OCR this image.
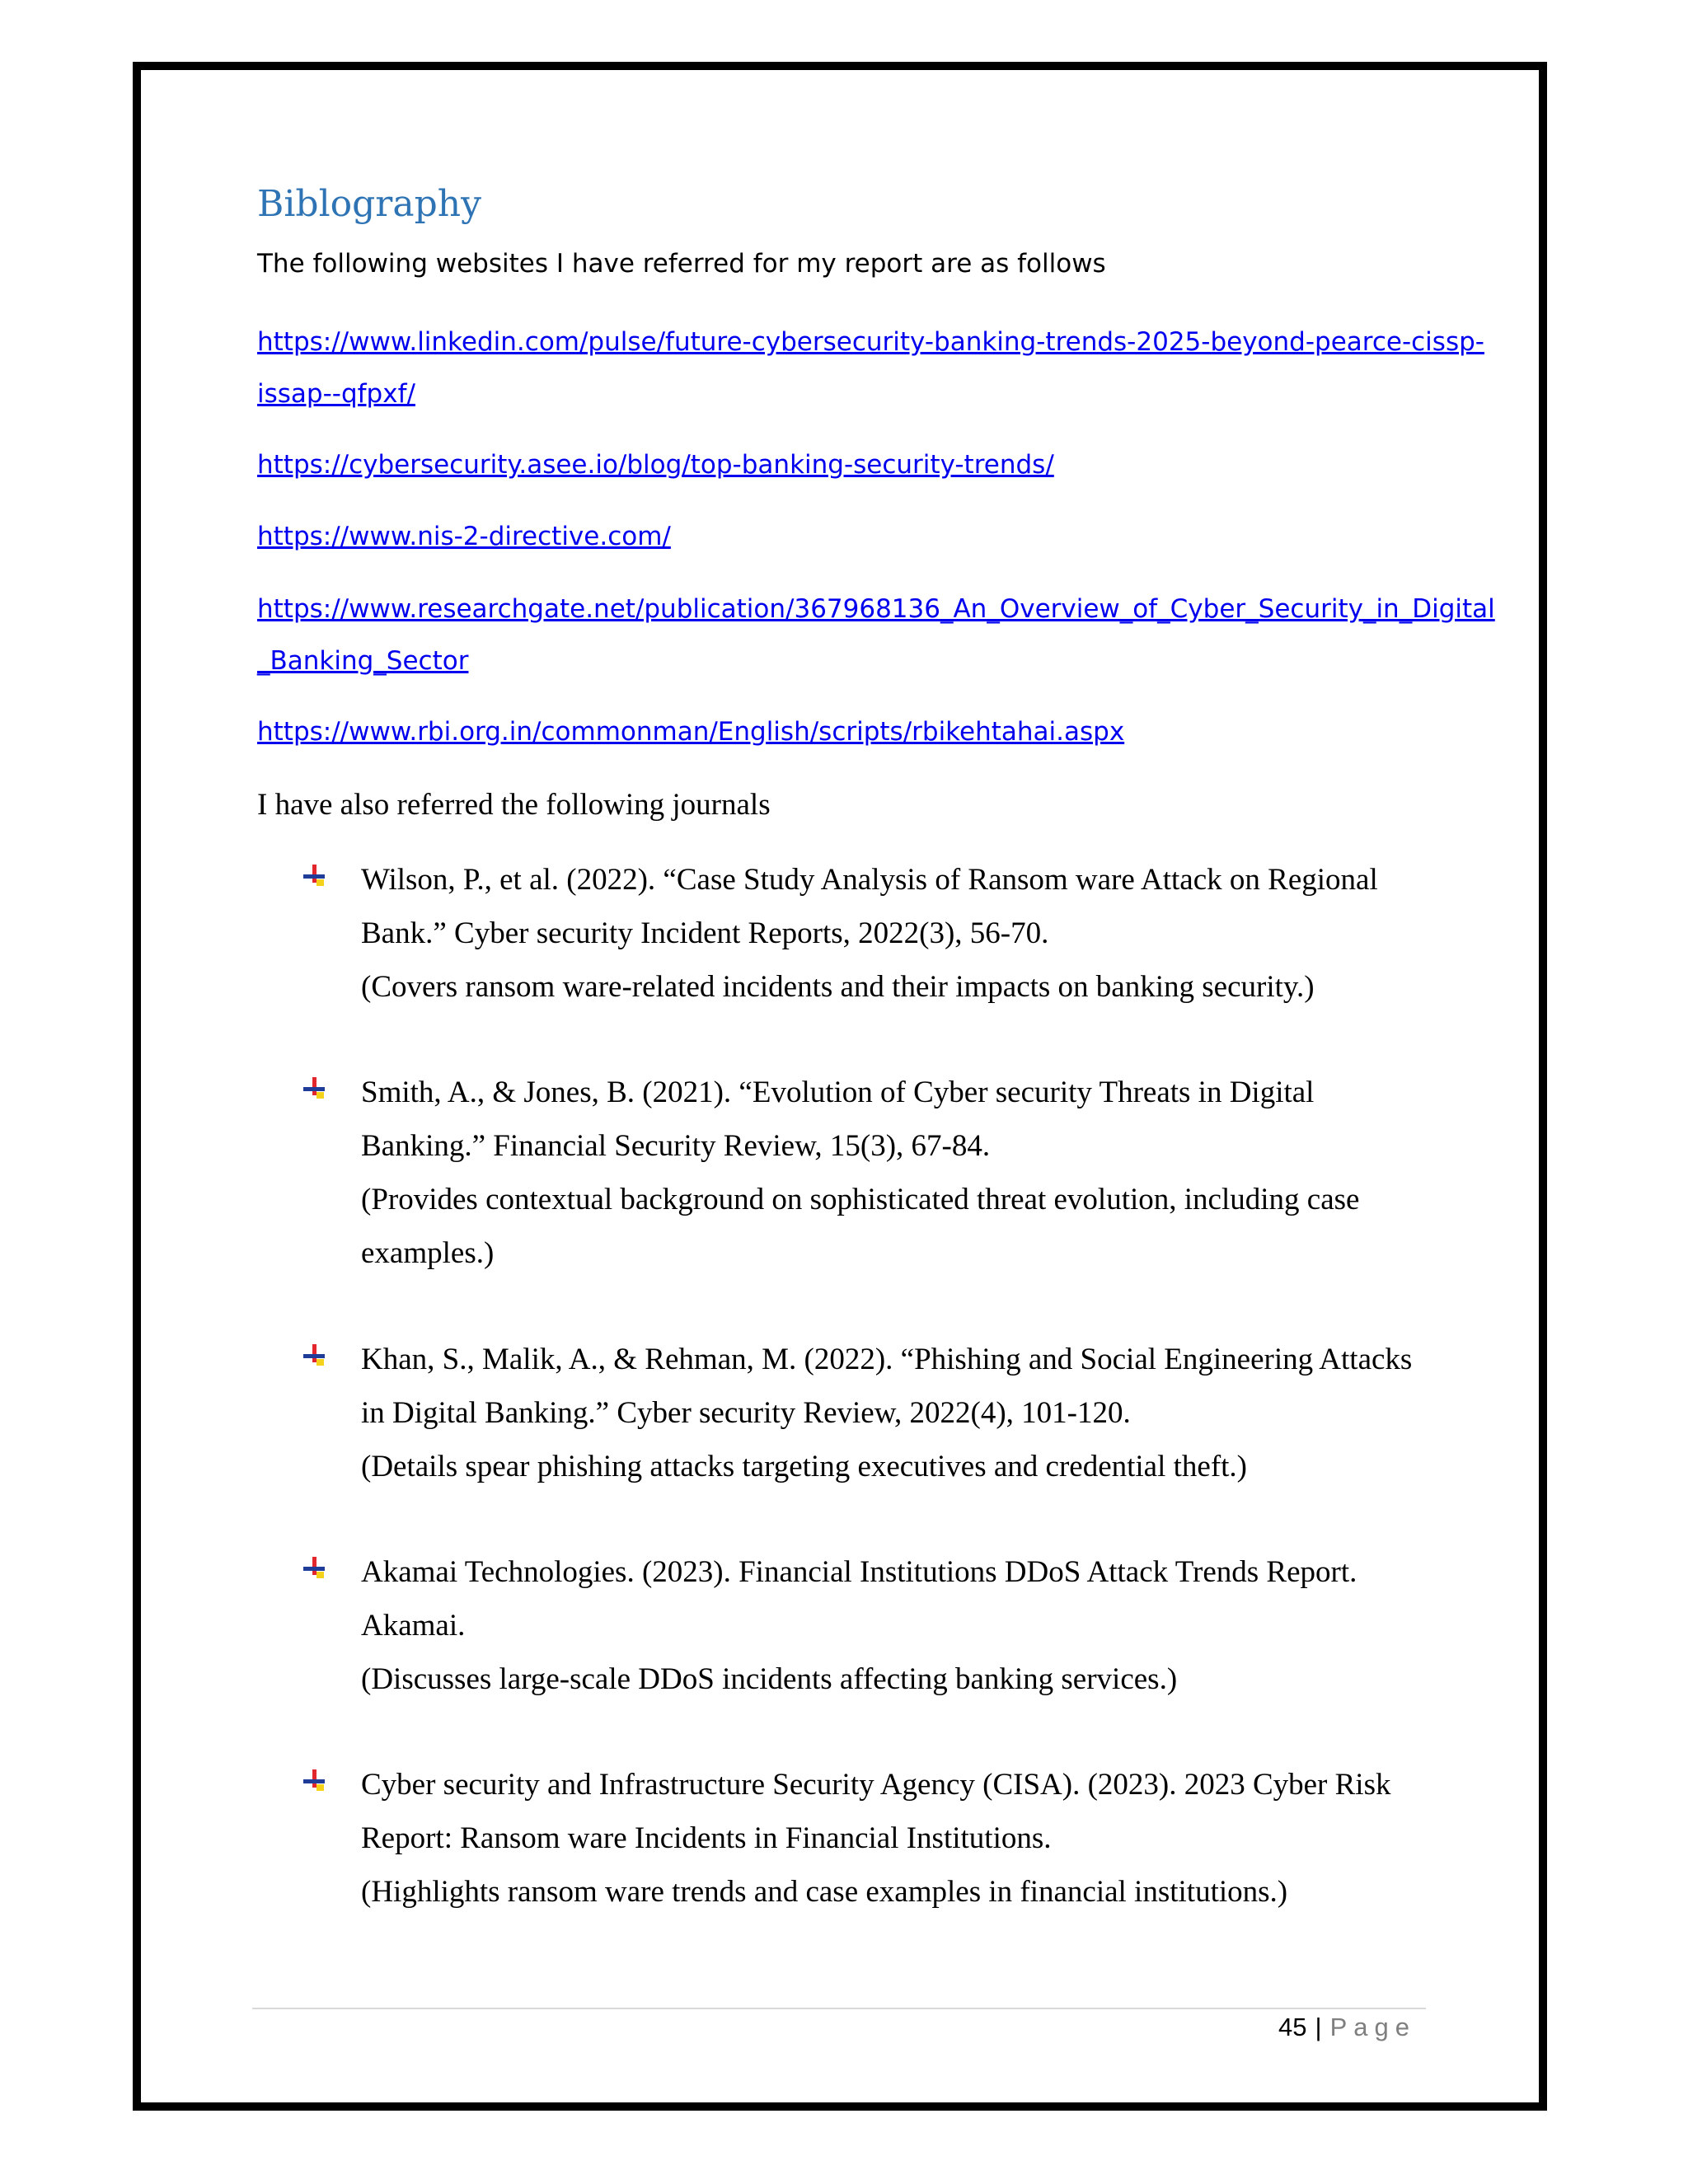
Biblography
The following websites I have referred for my report are as follows
https://www.linkedin.com/pulse/future-cybersecurity-banking-trends-2025-beyond-pearce-cissp-
issap--qfpxf/
https://cybersecurity.asee.io/blog/top-banking-security-trends/
https://www.nis-2-directive.com/
https://www.researchgate.net/publication/367968136_An_Overview_of_Cyber_Security_in_Digital
_Banking_Sector
https://www.rbi.org.in/commonman/English/scripts/rbikehtahai.aspx
I have also referred the following journals
Wilson, P., et al. (2022). “Case Study Analysis of Ransom ware Attack on Regional
Bank.” Cyber security Incident Reports, 2022(3), 56-70.
(Covers ransom ware-related incidents and their impacts on banking security.)
Smith, A., & Jones, B. (2021). “Evolution of Cyber security Threats in Digital
Banking.” Financial Security Review, 15(3), 67-84.
(Provides contextual background on sophisticated threat evolution, including case
examples.)
Khan, S., Malik, A., & Rehman, M. (2022). “Phishing and Social Engineering Attacks
in Digital Banking.” Cyber security Review, 2022(4), 101-120.
(Details spear phishing attacks targeting executives and credential theft.)
Akamai Technologies. (2023). Financial Institutions DDoS Attack Trends Report.
Akamai.
(Discusses large-scale DDoS incidents affecting banking services.)
Cyber security and Infrastructure Security Agency (CISA). (2023). 2023 Cyber Risk
Report: Ransom ware Incidents in Financial Institutions.
(Highlights ransom ware trends and case examples in financial institutions.)
45 | Page
